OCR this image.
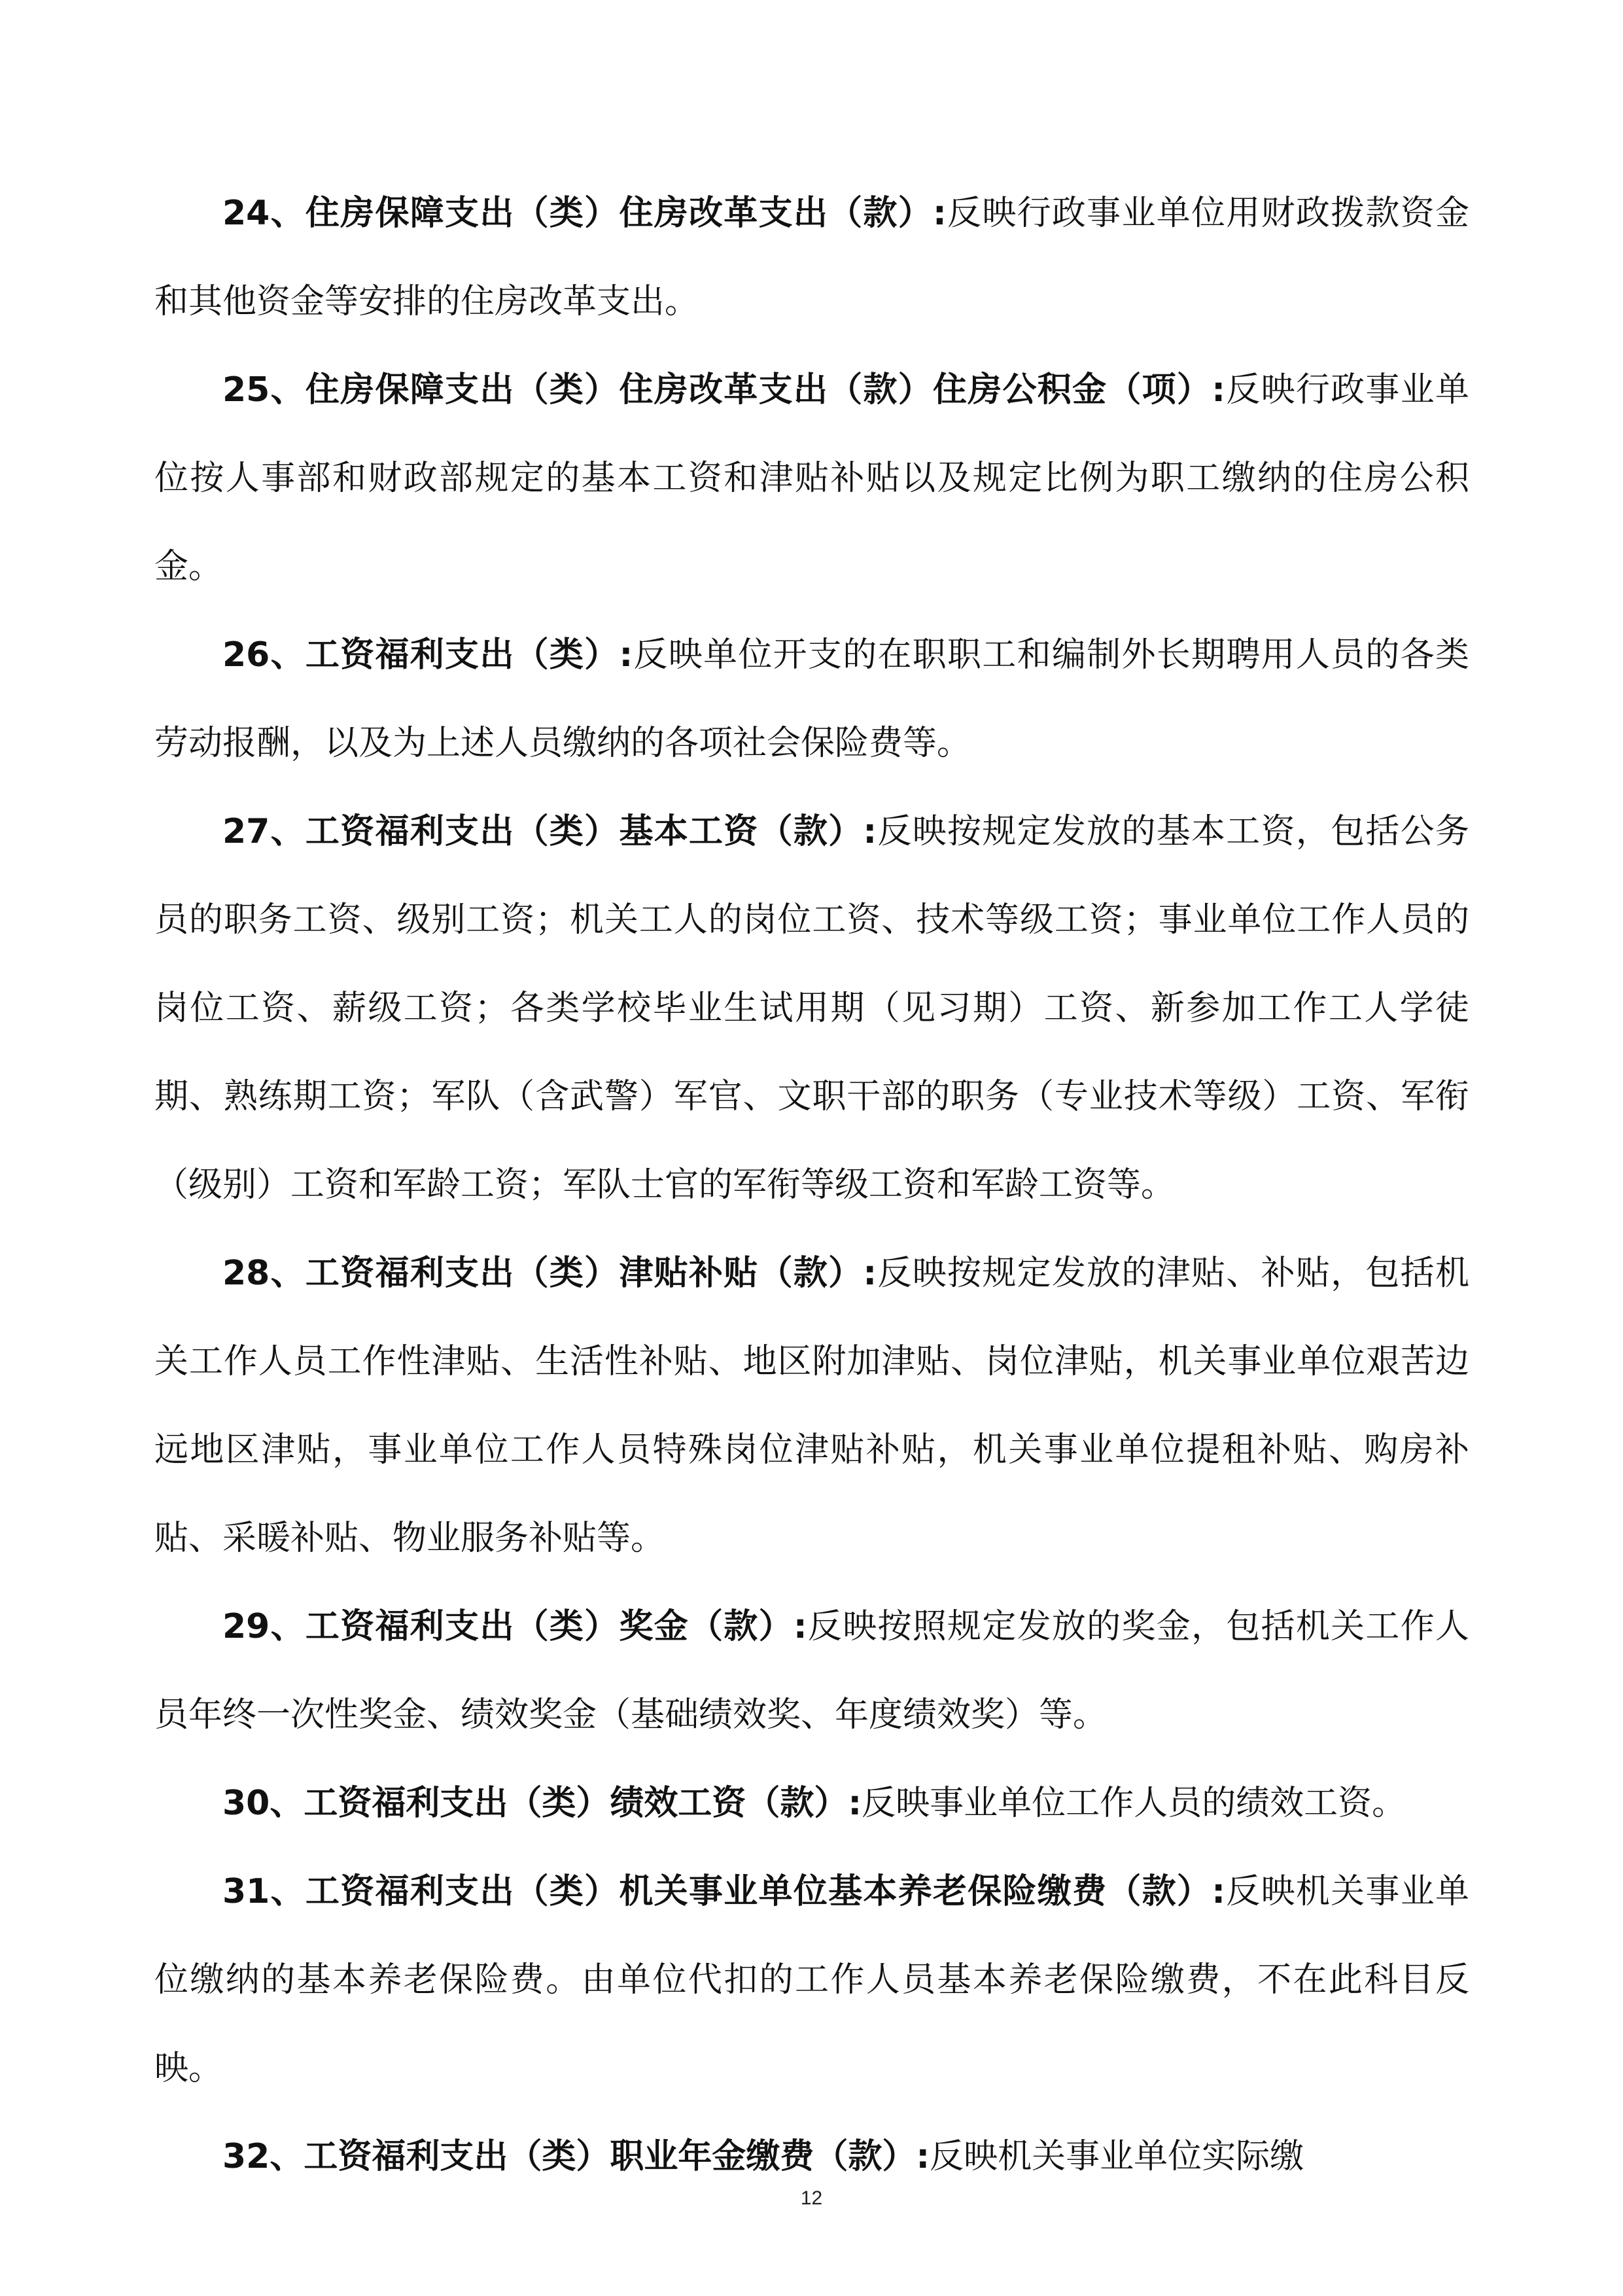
24、住房保障支出（类）住房改革支出（款）:反映行政事业单位用财政拨款资金和其他资金等安排的住房改革支出。

25、住房保障支出（类）住房改革支出（款）住房公积金（项）:反映行政事业单位按人事部和财政部规定的基本工资和津贴补贴以及规定比例为职工缴纳的住房公积金。

26、工资福利支出（类）:反映单位开支的在职职工和编制外长期聘用人员的各类劳动报酬，以及为上述人员缴纳的各项社会保险费等。

27、工资福利支出（类）基本工资（款）:反映按规定发放的基本工资，包括公务员的职务工资、级别工资；机关工人的岗位工资、技术等级工资；事业单位工作人员的岗位工资、薪级工资；各类学校毕业生试用期（见习期）工资、新参加工作工人学徒期、熟练期工资；军队（含武警）军官、文职干部的职务（专业技术等级）工资、军衔（级别）工资和军龄工资；军队士官的军衔等级工资和军龄工资等。

28、工资福利支出（类）津贴补贴（款）:反映按规定发放的津贴、补贴，包括机关工作人员工作性津贴、生活性补贴、地区附加津贴、岗位津贴，机关事业单位艰苦边远地区津贴，事业单位工作人员特殊岗位津贴补贴，机关事业单位提租补贴、购房补贴、采暖补贴、物业服务补贴等。

29、工资福利支出（类）奖金（款）:反映按照规定发放的奖金，包括机关工作人员年终一次性奖金、绩效奖金（基础绩效奖、年度绩效奖）等。

30、工资福利支出（类）绩效工资（款）:反映事业单位工作人员的绩效工资。

31、工资福利支出（类）机关事业单位基本养老保险缴费（款）:反映机关事业单位缴纳的基本养老保险费。由单位代扣的工作人员基本养老保险缴费，不在此科目反映。

32、工资福利支出（类）职业年金缴费（款）:反映机关事业单位实际缴

12
